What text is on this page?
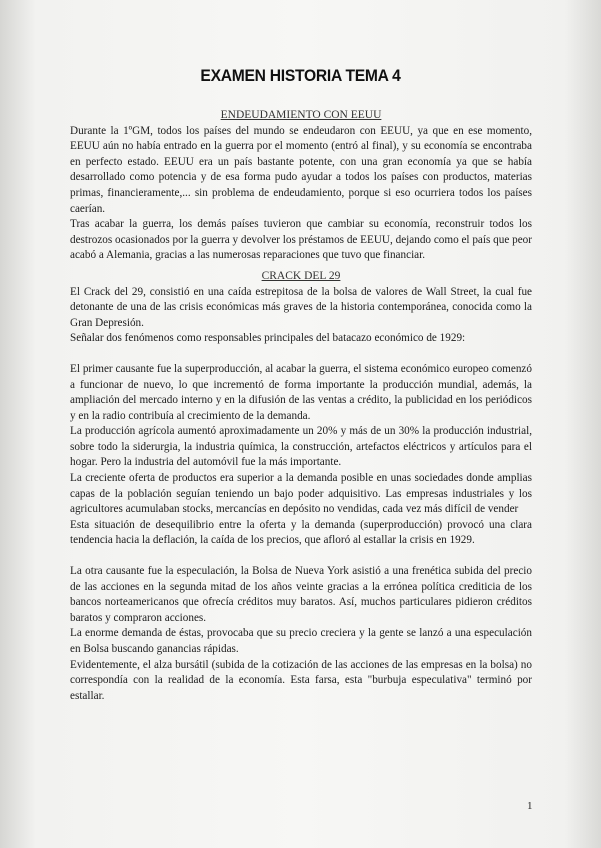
EXAMEN HISTORIA TEMA 4

ENDEUDAMIENTO CON EEUU

Durante la 1ºGM, todos los países del mundo se endeudaron con EEUU, ya que en ese momento, EEUU aún no había entrado en la guerra por el momento (entró al final), y su economía se encontraba en perfecto estado. EEUU era un país bastante potente, con una gran economía ya que se había desarrollado como potencia y de esa forma pudo ayudar a todos los países con productos, materias primas, financieramente,... sin problema de endeudamiento, porque si eso ocurriera todos los países caerían.

Tras acabar la guerra, los demás países tuvieron que cambiar su economía, reconstruir todos los destrozos ocasionados por la guerra y devolver los préstamos de EEUU, dejando como el país que peor acabó a Alemania, gracias a las numerosas reparaciones que tuvo que financiar.

CRACK DEL 29

El Crack del 29, consistió en una caída estrepitosa de la bolsa de valores de Wall Street, la cual fue detonante de una de las crisis económicas más graves de la historia contemporánea, conocida como la Gran Depresión.

Señalar dos fenómenos como responsables principales del batacazo económico de 1929:

El primer causante fue la superproducción, al acabar la guerra, el sistema económico europeo comenzó a funcionar de nuevo, lo que incrementó de forma importante la producción mundial, además, la ampliación del mercado interno y en la difusión de las ventas a crédito, la publicidad en los periódicos y en la radio contribuía al crecimiento de la demanda.

La producción agrícola aumentó aproximadamente un 20% y más de un 30% la producción industrial, sobre todo la siderurgia, la industria química, la construcción, artefactos eléctricos y artículos para el hogar. Pero la industria del automóvil fue la más importante.

La creciente oferta de productos era superior a la demanda posible en unas sociedades donde amplias capas de la población seguían teniendo un bajo poder adquisitivo. Las empresas industriales y los agricultores acumulaban stocks, mercancías en depósito no vendidas, cada vez más difícil de vender

Esta situación de desequilibrio entre la oferta y la demanda (superproducción) provocó una clara tendencia hacia la deflación, la caída de los precios, que afloró al estallar la crisis en 1929.

La otra causante fue la especulación, la Bolsa de Nueva York asistió a una frenética subida del precio de las acciones en la segunda mitad de los años veinte gracias a la errónea política crediticia de los bancos norteamericanos que ofrecía créditos muy baratos. Así, muchos particulares pidieron créditos baratos y compraron acciones.

La enorme demanda de éstas, provocaba que su precio creciera y la gente se lanzó a una especulación en Bolsa buscando ganancias rápidas.

Evidentemente, el alza bursátil (subida de la cotización de las acciones de las empresas en la bolsa) no correspondía con la realidad de la economía. Esta farsa, esta "burbuja especulativa" terminó por estallar.

1
